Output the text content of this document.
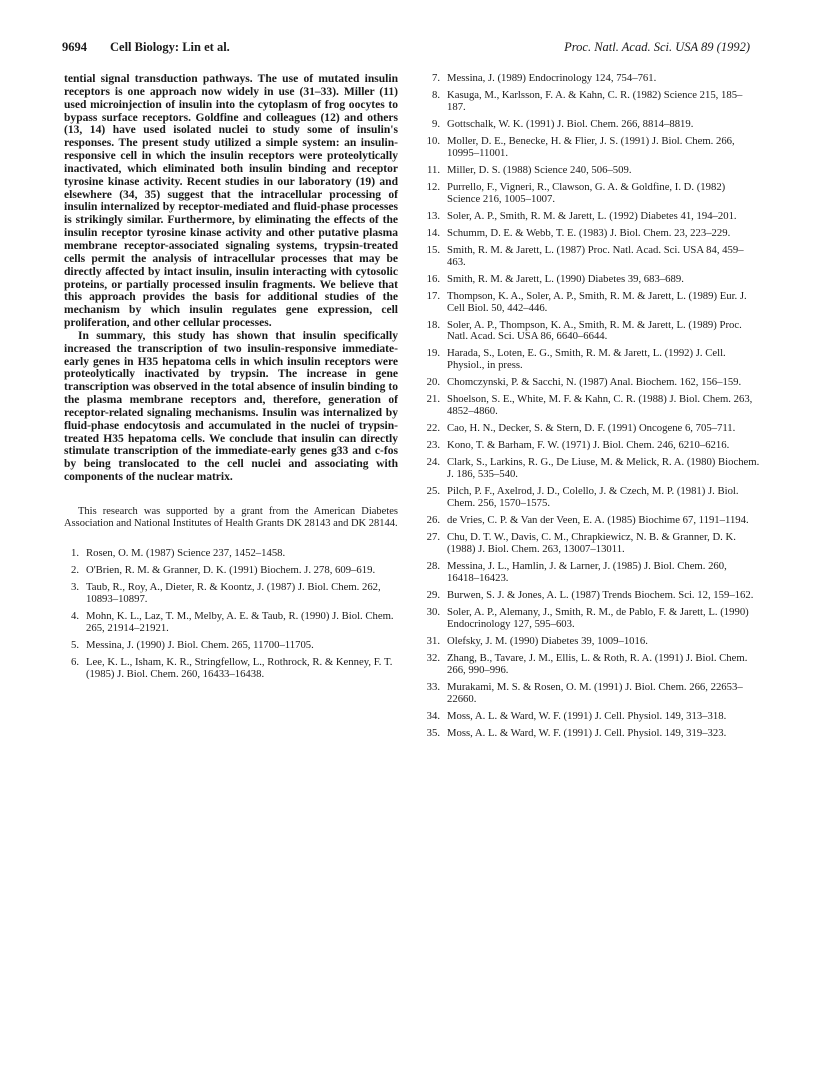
9694 Cell Biology: Lin et al.	Proc. Natl. Acad. Sci. USA 89 (1992)

tential signal transduction pathways. The use of mutated insulin receptors is one approach now widely in use (31–33). Miller (11) used microinjection of insulin into the cytoplasm of frog oocytes to bypass surface receptors. Goldfine and colleagues (12) and others (13, 14) have used isolated nuclei to study some of insulin's responses. The present study utilized a simple system: an insulin-responsive cell in which the insulin receptors were proteolytically inactivated, which eliminated both insulin binding and receptor tyrosine kinase activity. Recent studies in our laboratory (19) and elsewhere (34, 35) suggest that the intracellular processing of insulin internalized by receptor-mediated and fluid-phase processes is strikingly similar. Furthermore, by eliminating the effects of the insulin receptor tyrosine kinase activity and other putative plasma membrane receptor-associated signaling systems, trypsin-treated cells permit the analysis of intracellular processes that may be directly affected by intact insulin, insulin interacting with cytosolic proteins, or partially processed insulin fragments. We believe that this approach provides the basis for additional studies of the mechanism by which insulin regulates gene expression, cell proliferation, and other cellular processes.

In summary, this study has shown that insulin specifically increased the transcription of two insulin-responsive immediate-early genes in H35 hepatoma cells in which insulin receptors were proteolytically inactivated by trypsin. The increase in gene transcription was observed in the total absence of insulin binding to the plasma membrane receptors and, therefore, generation of receptor-related signaling mechanisms. Insulin was internalized by fluid-phase endocytosis and accumulated in the nuclei of trypsin-treated H35 hepatoma cells. We conclude that insulin can directly stimulate transcription of the immediate-early genes g33 and c-fos by being translocated to the cell nuclei and associating with components of the nuclear matrix.

This research was supported by a grant from the American Diabetes Association and National Institutes of Health Grants DK 28143 and DK 28144.

1. Rosen, O. M. (1987) Science 237, 1452–1458.
2. O'Brien, R. M. & Granner, D. K. (1991) Biochem. J. 278, 609–619.
3. Taub, R., Roy, A., Dieter, R. & Koontz, J. (1987) J. Biol. Chem. 262, 10893–10897.
4. Mohn, K. L., Laz, T. M., Melby, A. E. & Taub, R. (1990) J. Biol. Chem. 265, 21914–21921.
5. Messina, J. (1990) J. Biol. Chem. 265, 11700–11705.
6. Lee, K. L., Isham, K. R., Stringfellow, L., Rothrock, R. & Kenney, F. T. (1985) J. Biol. Chem. 260, 16433–16438.
7. Messina, J. (1989) Endocrinology 124, 754–761.
8. Kasuga, M., Karlsson, F. A. & Kahn, C. R. (1982) Science 215, 185–187.
9. Gottschalk, W. K. (1991) J. Biol. Chem. 266, 8814–8819.
10. Moller, D. E., Benecke, H. & Flier, J. S. (1991) J. Biol. Chem. 266, 10995–11001.
11. Miller, D. S. (1988) Science 240, 506–509.
12. Purrello, F., Vigneri, R., Clawson, G. A. & Goldfine, I. D. (1982) Science 216, 1005–1007.
13. Soler, A. P., Smith, R. M. & Jarett, L. (1992) Diabetes 41, 194–201.
14. Schumm, D. E. & Webb, T. E. (1983) J. Biol. Chem. 23, 223–229.
15. Smith, R. M. & Jarett, L. (1987) Proc. Natl. Acad. Sci. USA 84, 459–463.
16. Smith, R. M. & Jarett, L. (1990) Diabetes 39, 683–689.
17. Thompson, K. A., Soler, A. P., Smith, R. M. & Jarett, L. (1989) Eur. J. Cell Biol. 50, 442–446.
18. Soler, A. P., Thompson, K. A., Smith, R. M. & Jarett, L. (1989) Proc. Natl. Acad. Sci. USA 86, 6640–6644.
19. Harada, S., Loten, E. G., Smith, R. M. & Jarett, L. (1992) J. Cell. Physiol., in press.
20. Chomczynski, P. & Sacchi, N. (1987) Anal. Biochem. 162, 156–159.
21. Shoelson, S. E., White, M. F. & Kahn, C. R. (1988) J. Biol. Chem. 263, 4852–4860.
22. Cao, H. N., Decker, S. & Stern, D. F. (1991) Oncogene 6, 705–711.
23. Kono, T. & Barham, F. W. (1971) J. Biol. Chem. 246, 6210–6216.
24. Clark, S., Larkins, R. G., De Liuse, M. & Melick, R. A. (1980) Biochem. J. 186, 535–540.
25. Pilch, P. F., Axelrod, J. D., Colello, J. & Czech, M. P. (1981) J. Biol. Chem. 256, 1570–1575.
26. de Vries, C. P. & Van der Veen, E. A. (1985) Biochime 67, 1191–1194.
27. Chu, D. T. W., Davis, C. M., Chrapkiewicz, N. B. & Granner, D. K. (1988) J. Biol. Chem. 263, 13007–13011.
28. Messina, J. L., Hamlin, J. & Larner, J. (1985) J. Biol. Chem. 260, 16418–16423.
29. Burwen, S. J. & Jones, A. L. (1987) Trends Biochem. Sci. 12, 159–162.
30. Soler, A. P., Alemany, J., Smith, R. M., de Pablo, F. & Jarett, L. (1990) Endocrinology 127, 595–603.
31. Olefsky, J. M. (1990) Diabetes 39, 1009–1016.
32. Zhang, B., Tavare, J. M., Ellis, L. & Roth, R. A. (1991) J. Biol. Chem. 266, 990–996.
33. Murakami, M. S. & Rosen, O. M. (1991) J. Biol. Chem. 266, 22653–22660.
34. Moss, A. L. & Ward, W. F. (1991) J. Cell. Physiol. 149, 313–318.
35. Moss, A. L. & Ward, W. F. (1991) J. Cell. Physiol. 149, 319–323.
